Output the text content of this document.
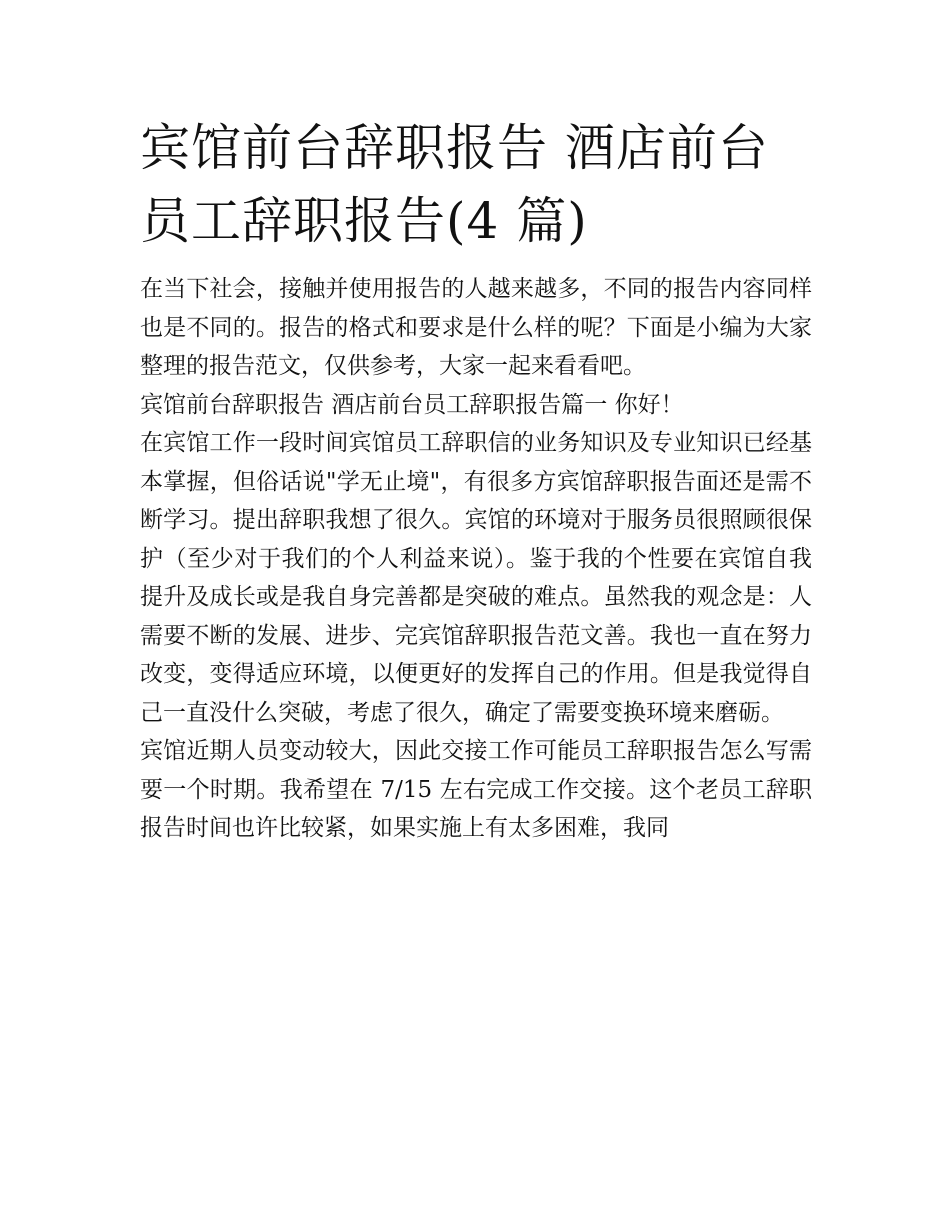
宾馆前台辞职报告 酒店前台员工辞职报告(4 篇)

在当下社会，接触并使用报告的人越来越多，不同的报告内容同样也是不同的。报告的格式和要求是什么样的呢？下面是小编为大家整理的报告范文，仅供参考，大家一起来看看吧。

宾馆前台辞职报告 酒店前台员工辞职报告篇一 你好！

在宾馆工作一段时间宾馆员工辞职信的业务知识及专业知识已经基本掌握，但俗话说"学无止境"，有很多方宾馆辞职报告面还是需不断学习。提出辞职我想了很久。宾馆的环境对于服务员很照顾很保护（至少对于我们的个人利益来说）。鉴于我的个性要在宾馆自我提升及成长或是我自身完善都是突破的难点。虽然我的观念是：人需要不断的发展、进步、完宾馆辞职报告范文善。我也一直在努力改变，变得适应环境，以便更好的发挥自己的作用。但是我觉得自己一直没什么突破，考虑了很久，确定了需要变换环境来磨砺。

宾馆近期人员变动较大，因此交接工作可能员工辞职报告怎么写需要一个时期。我希望在 7/15 左右完成工作交接。这个老员工辞职报告时间也许比较紧，如果实施上有太多困难，我同
